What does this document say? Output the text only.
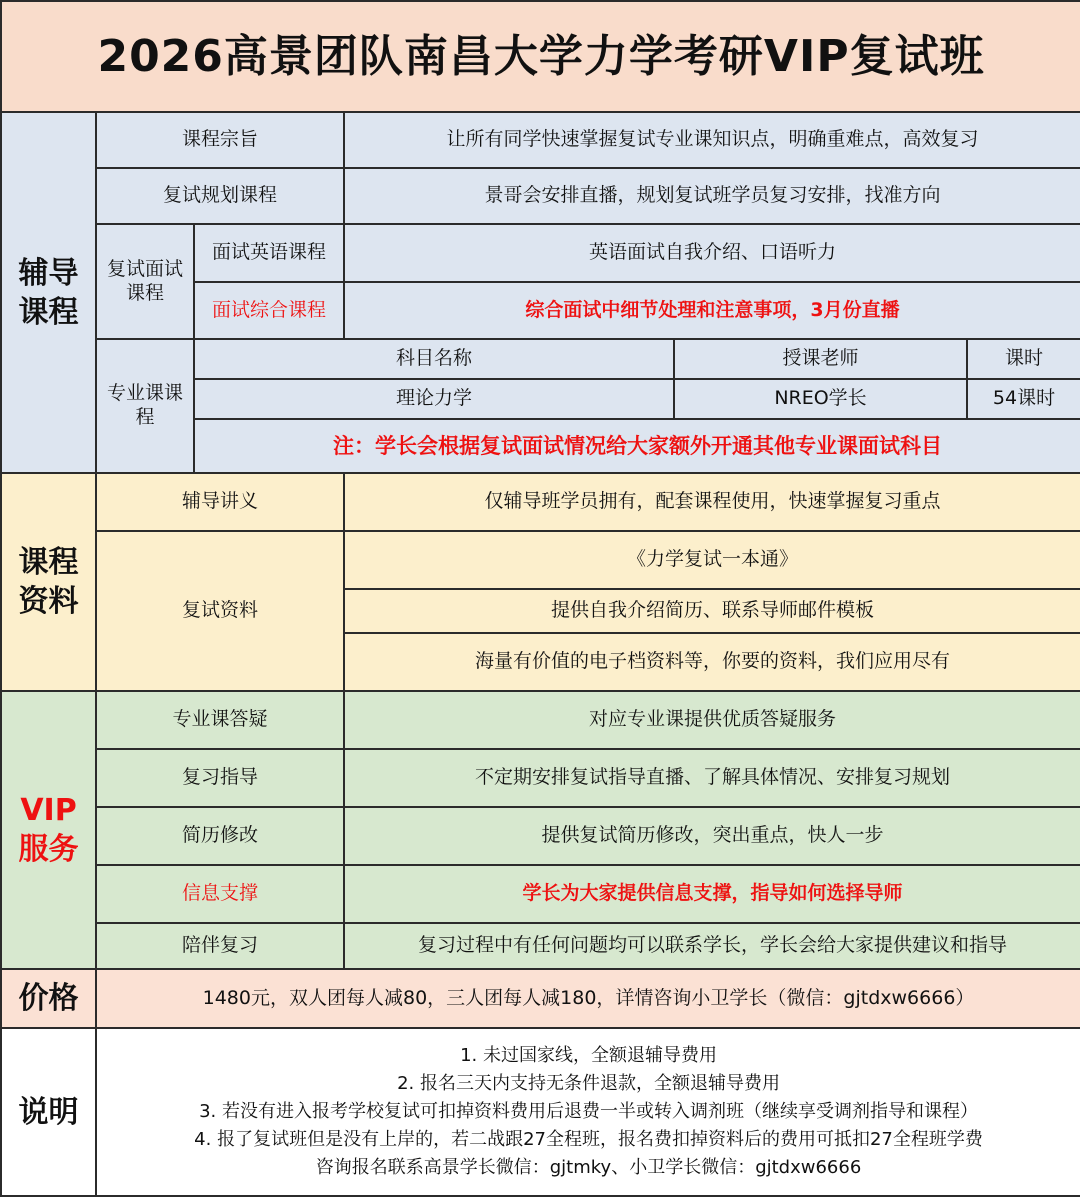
2026高景团队南昌大学力学考研VIP复试班					

辅导
课程	课程宗旨		让所有同学快速掌握复试专业课知识点，明确重难点，高效复习		
	复试规划课程		景哥会安排直播，规划复试班学员复习安排，找准方向		
	复试面试课程	面试英语课程	英语面试自我介绍、口语听力		
		面试综合课程	综合面试中细节处理和注意事项，3月份直播		
	专业课课程	科目名称		授课老师	课时
		理论力学		NREO学长	54课时
		注：学长会根据复试面试情况给大家额外开通其他专业课面试科目			

课程
资料	辅导讲义		仅辅导班学员拥有，配套课程使用，快速掌握复习重点		
	复试资料		《力学复试一本通》		
			提供自我介绍简历、联系导师邮件模板		
			海量有价值的电子档资料等，你要的资料，我们应用尽有		

VIP
服务	专业课答疑		对应专业课提供优质答疑服务		
	复习指导		不定期安排复试指导直播、了解具体情况、安排复习规划		
	简历修改		提供复试简历修改，突出重点，快人一步		
	信息支撑		学长为大家提供信息支撑，指导如何选择导师		
	陪伴复习		复习过程中有任何问题均可以联系学长，学长会给大家提供建议和指导		
价格	1480元，双人团每人减80，三人团每人减180，详情咨询小卫学长（微信：gjtdxw6666）				
说明	1. 未过国家线，全额退辅导费用
2. 报名三天内支持无条件退款，全额退辅导费用
3. 若没有进入报考学校复试可扣掉资料费用后退费一半或转入调剂班（继续享受调剂指导和课程）
4. 报了复试班但是没有上岸的，若二战跟27全程班，报名费扣掉资料后的费用可抵扣27全程班学费
咨询报名联系高景学长微信：gjtmky、小卫学长微信：gjtdxw6666				
